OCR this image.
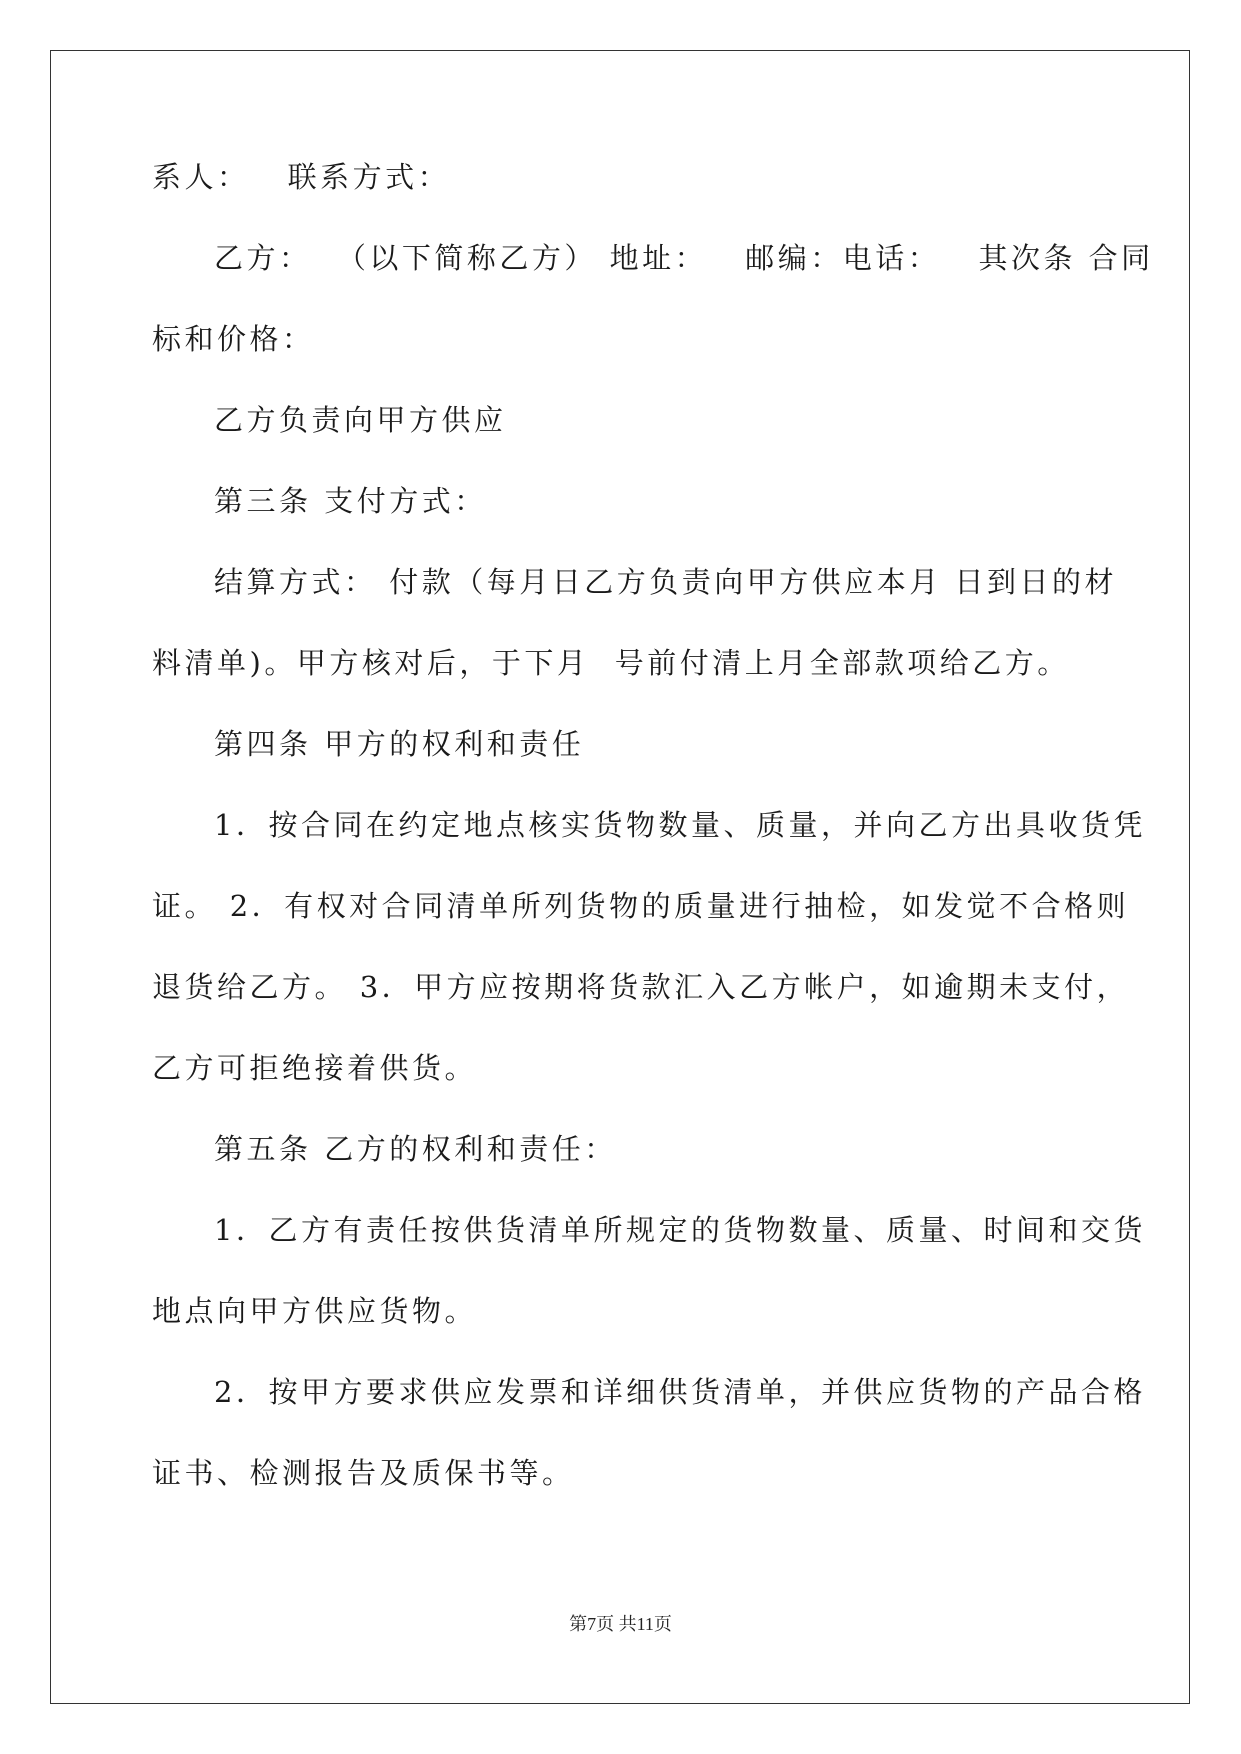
系人：   联系方式：
乙方：  （以下简称乙方） 地址：   邮编：电话：   其次条 合同
标和价格：
乙方负责向甲方供应
第三条 支付方式：
结算方式： 付款（每月日乙方负责向甲方供应本月 日到日的材
料清单)。甲方核对后，于下月  号前付清上月全部款项给乙方。
第四条 甲方的权利和责任
1．按合同在约定地点核实货物数量、质量，并向乙方出具收货凭
证。 2．有权对合同清单所列货物的质量进行抽检，如发觉不合格则
退货给乙方。 3．甲方应按期将货款汇入乙方帐户，如逾期未支付，
乙方可拒绝接着供货。
第五条 乙方的权利和责任：
1．乙方有责任按供货清单所规定的货物数量、质量、时间和交货
地点向甲方供应货物。
2．按甲方要求供应发票和详细供货清单，并供应货物的产品合格
证书、检测报告及质保书等。
第7页 共11页
